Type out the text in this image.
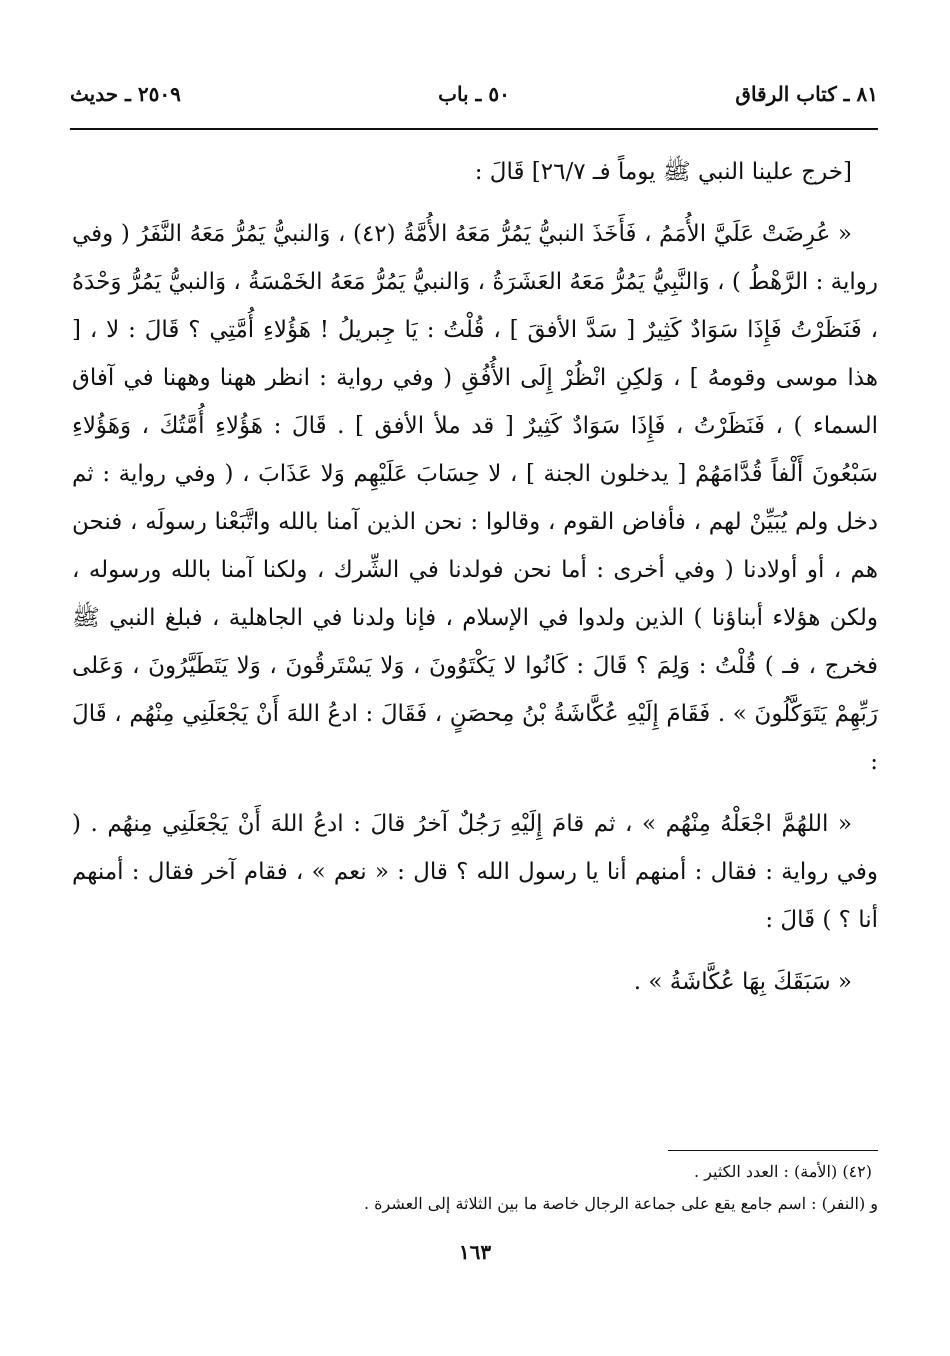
٨١ ـ كتاب الرقاق
٥٠ ـ باب
٢٥٠٩ ـ حديث

[خرج علينا النبي ﷺ يوماً فـ ٢٦/٧] قَالَ :

« عُرِضَتْ عَلَيَّ الأُمَمُ ، فَأَخَذَ النبيُّ يَمُرُّ مَعَهُ الأُمَّةُ (٤٢) ، وَالنبيُّ يَمُرُّ مَعَهُ النَّفَرُ ( وفي رواية : الرَّهْطُ ) ، وَالنَّبِيُّ يَمُرُّ مَعَهُ العَشَرَةُ ، وَالنبيُّ يَمُرُّ مَعَهُ الخَمْسَةُ ، وَالنبيُّ يَمُرُّ وَحْدَهُ ، فَنَظَرْتُ فَإِذَا سَوَادٌ كَثِيرٌ [ سَدَّ الأفقَ ] ، قُلْتُ : يَا جِبريلُ ! هَؤُلاءِ أُمَّتِي ؟ قَالَ : لا ، [ هذا موسى وقومهُ ] ، وَلكِنِ انْظُرْ إِلَى الأُفُقِ ( وفي رواية : انظر ههنا وههنا في آفاق السماء ) ، فَنَظَرْتُ ، فَإِذَا سَوَادٌ كَثِيرٌ [ قد ملأ الأفق ] . قَالَ : هَؤُلاءِ أُمَّتُكَ ، وَهَؤُلاءِ سَبْعُونَ أَلْفاً قُدَّامَهُمْ [ يدخلون الجنة ] ، لا حِسَابَ عَلَيْهِم وَلا عَذَابَ ، ( وفي رواية : ثم دخل ولم يُبَيِّنْ لهم ، فأفاض القوم ، وقالوا : نحن الذين آمنا بالله واتَّبَعْنا رسولَه ، فنحن هم ، أو أولادنا ( وفي أخرى : أما نحن فولدنا في الشِّرك ، ولكنا آمنا بالله ورسوله ، ولكن هؤلاء أبناؤنا ) الذين ولدوا في الإسلام ، فإنا ولدنا في الجاهلية ، فبلغ النبي ﷺ فخرج ، فـ ) قُلْتُ : وَلِمَ ؟ قَالَ : كَانُوا لا يَكْتَوُونَ ، وَلا يَسْتَرقُونَ ، وَلا يَتَطَيَّرُونَ ، وَعَلى رَبِّهِمْ يَتَوَكَّلُونَ » . فَقَامَ إِلَيْهِ عُكَّاشَةُ بْنُ مِحصَنٍ ، فَقَالَ : ادعُ اللهَ أَنْ يَجْعَلَنِي مِنْهُم ، قَالَ :

« اللهُمَّ اجْعَلْهُ مِنْهُم » ، ثم قامَ إِلَيْهِ رَجُلٌ آخرُ قالَ : ادعُ اللهَ أَنْ يَجْعَلَنِي مِنهُم . ( وفي رواية : فقال : أمنهم أنا يا رسول الله ؟ قال : « نعم » ، فقام آخر فقال : أمنهم أنا ؟ ) قَالَ :

« سَبَقَكَ بِهَا عُكَّاشَةُ » .

(٤٢) (الأمة) : العدد الكثير .

و (النفر) : اسم جامع يقع على جماعة الرجال خاصة ما بين الثلاثة إلى العشرة .

١٦٣
